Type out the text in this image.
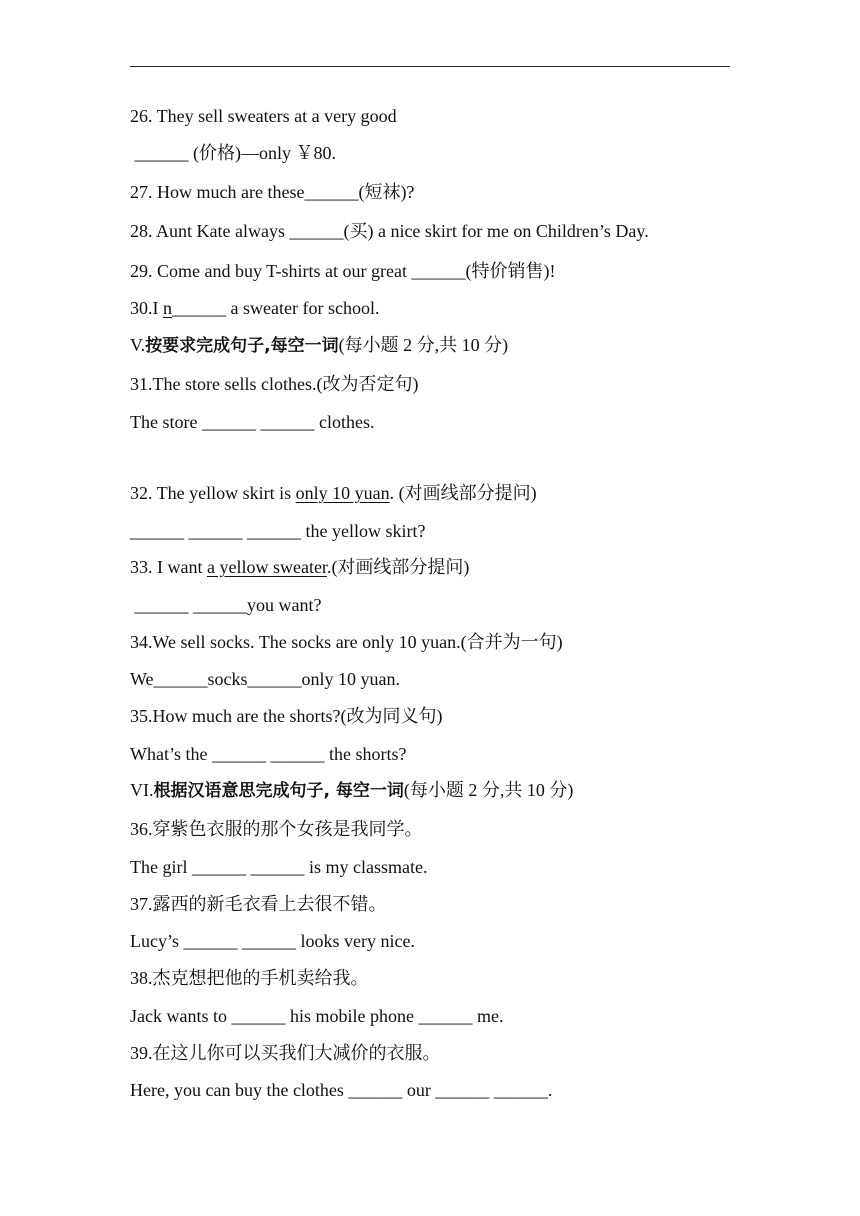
26. They sell sweaters at a very good
______ (价格)—only ￥80.
27. How much are these______(短袜)?
28. Aunt Kate always ______(买) a nice skirt for me on Children’s Day.
29. Come and buy T-shirts at our great ______(特价销售)!
30.I n______ a sweater for school.
V.按要求完成句子,每空一词(每小题 2 分,共 10 分)
31.The store sells clothes.(改为否定句)
The store ______ ______ clothes.
32. The yellow skirt is only 10 yuan. (对画线部分提问)
______ ______ ______ the yellow skirt?
33. I want a yellow sweater.(对画线部分提问)
______ ______you want?
34.We sell socks. The socks are only 10 yuan.(合并为一句)
We______socks______only 10 yuan.
35.How much are the shorts?(改为同义句)
What’s the ______ ______ the shorts?
VI.根据汉语意思完成句子, 每空一词(每小题 2 分,共 10 分)
36.穿紫色衣服的那个女孩是我同学。
The girl ______ ______ is my classmate.
37.露西的新毛衣看上去很不错。
Lucy’s ______ ______ looks very nice.
38.杰克想把他的手机卖给我。
Jack wants to ______ his mobile phone ______ me.
39.在这儿你可以买我们大减价的衣服。
Here, you can buy the clothes ______ our ______ ______.
